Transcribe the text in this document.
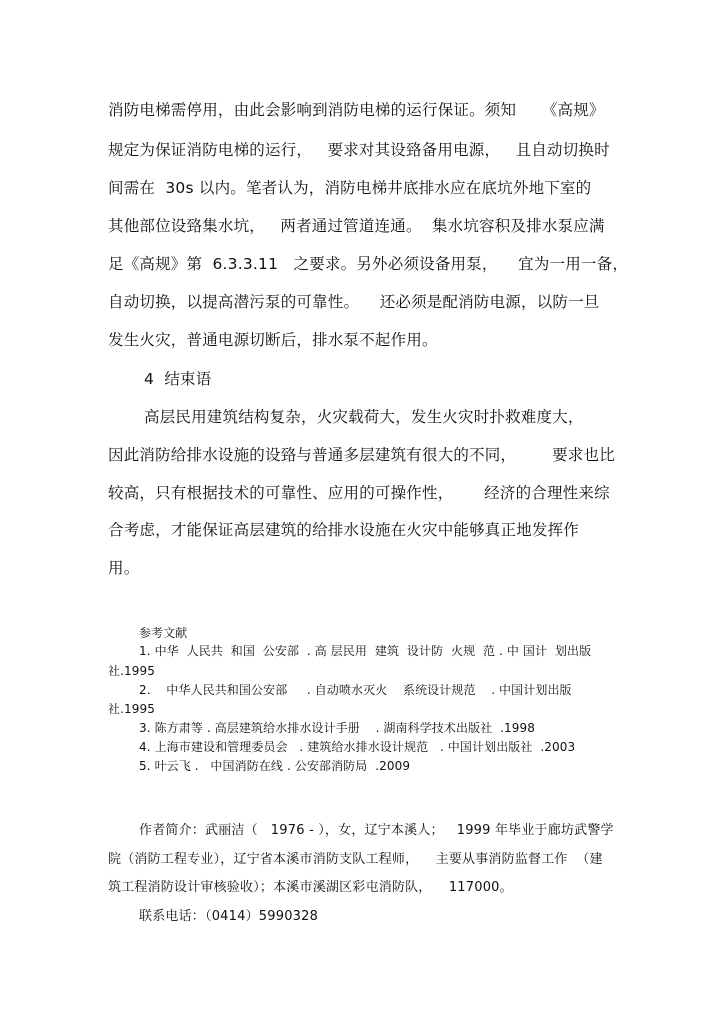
消防电梯需停用，由此会影响到消防电梯的运行保证。须知     《高规》
规定为保证消防电梯的运行，   要求对其设臵备用电源，   且自动切换时
间需在  30s 以内。笔者认为，消防电梯井底排水应在底坑外地下室的
其他部位设臵集水坑，   两者通过管道连通。  集水坑容积及排水泵应满
足《高规》第  6.3.3.11   之要求。另外必须设备用泵，    宜为一用一备，
自动切换，以提高潜污泵的可靠性。    还必须是配消防电源，以防一旦
发生火灾，普通电源切断后，排水泵不起作用。
4  结束语
高层民用建筑结构复杂，火灾载荷大，发生火灾时扑救难度大，
因此消防给排水设施的设臵与普通多层建筑有很大的不同，       要求也比
较高，只有根据技术的可靠性、应用的可操作性，      经济的合理性来综
合考虑，才能保证高层建筑的给排水设施在火灾中能够真正地发挥作
用。
参考文献
1. 中华  人民共  和国  公安部  . 高 层民用  建筑  设计防  火规  范 . 中 国计  划出版
社.1995
2.    中华人民共和国公安部     . 自动喷水灭火    系统设计规范    . 中国计划出版
社.1995
3. 陈方肃等 . 高层建筑给水排水设计手册    . 湖南科学技术出版社  .1998
4. 上海市建设和管理委员会   . 建筑给水排水设计规范   . 中国计划出版社  .2003
5. 叶云飞 .   中国消防在线 . 公安部消防局  .2009
作者简介：武丽洁（   1976 - ），女，辽宁本溪人；   1999 年毕业于廊坊武警学
院（消防工程专业），辽宁省本溪市消防支队工程师，    主要从事消防监督工作  （建
筑工程消防设计审核验收）；本溪市溪湖区彩屯消防队，    117000。
联系电话：（0414）5990328
